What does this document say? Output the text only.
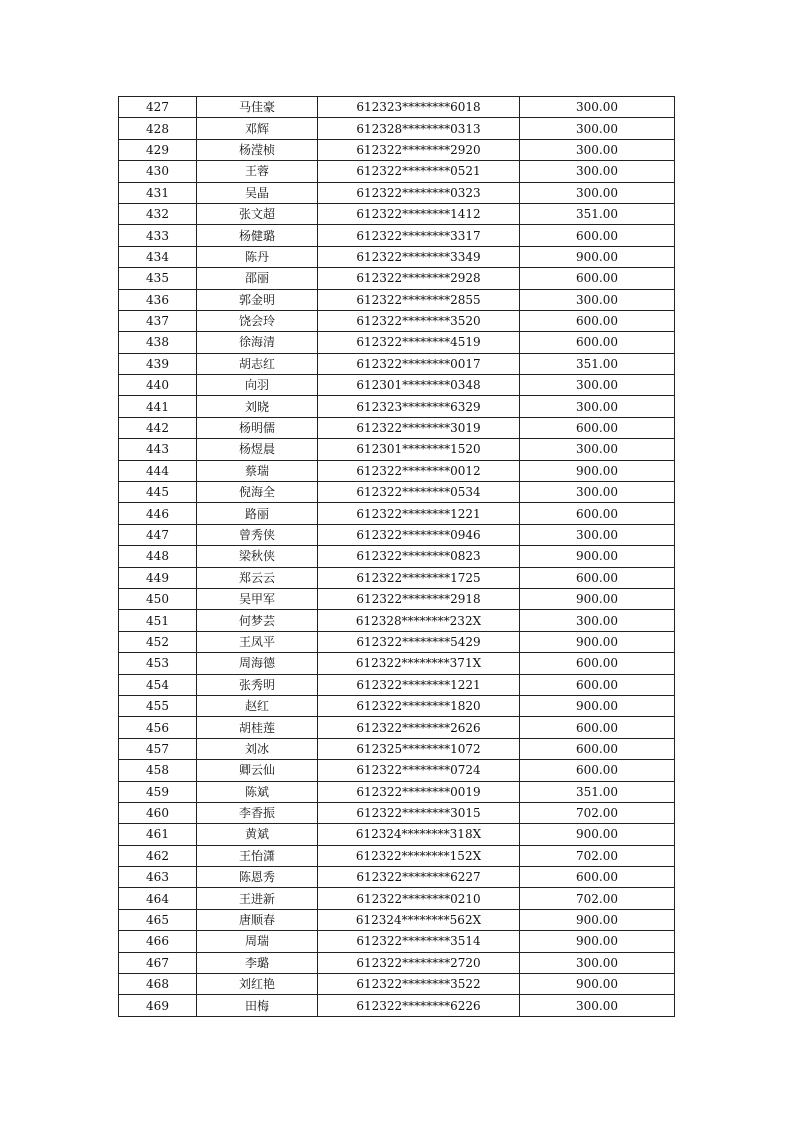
427	马佳豪	612323********6018	300.00
428	邓辉	612328********0313	300.00
429	杨滢桢	612322********2920	300.00
430	王蓉	612322********0521	300.00
431	吴晶	612322********0323	300.00
432	张文超	612322********1412	351.00
433	杨健璐	612322********3317	600.00
434	陈丹	612322********3349	900.00
435	邵丽	612322********2928	600.00
436	郭金明	612322********2855	300.00
437	饶会玲	612322********3520	600.00
438	徐海清	612322********4519	600.00
439	胡志红	612322********0017	351.00
440	向羽	612301********0348	300.00
441	刘晓	612323********6329	300.00
442	杨明儒	612322********3019	600.00
443	杨煜晨	612301********1520	300.00
444	蔡瑞	612322********0012	900.00
445	倪海全	612322********0534	300.00
446	路丽	612322********1221	600.00
447	曾秀侠	612322********0946	300.00
448	梁秋侠	612322********0823	900.00
449	郑云云	612322********1725	600.00
450	吴甲军	612322********2918	900.00
451	何梦芸	612328********232X	300.00
452	王凤平	612322********5429	900.00
453	周海德	612322********371X	600.00
454	张秀明	612322********1221	600.00
455	赵红	612322********1820	900.00
456	胡桂莲	612322********2626	600.00
457	刘冰	612325********1072	600.00
458	卿云仙	612322********0724	600.00
459	陈斌	612322********0019	351.00
460	李香振	612322********3015	702.00
461	黄斌	612324********318X	900.00
462	王怡潇	612322********152X	702.00
463	陈恩秀	612322********6227	600.00
464	王进新	612322********0210	702.00
465	唐顺春	612324********562X	900.00
466	周瑞	612322********3514	900.00
467	李璐	612322********2720	300.00
468	刘红艳	612322********3522	900.00
469	田梅	612322********6226	300.00
